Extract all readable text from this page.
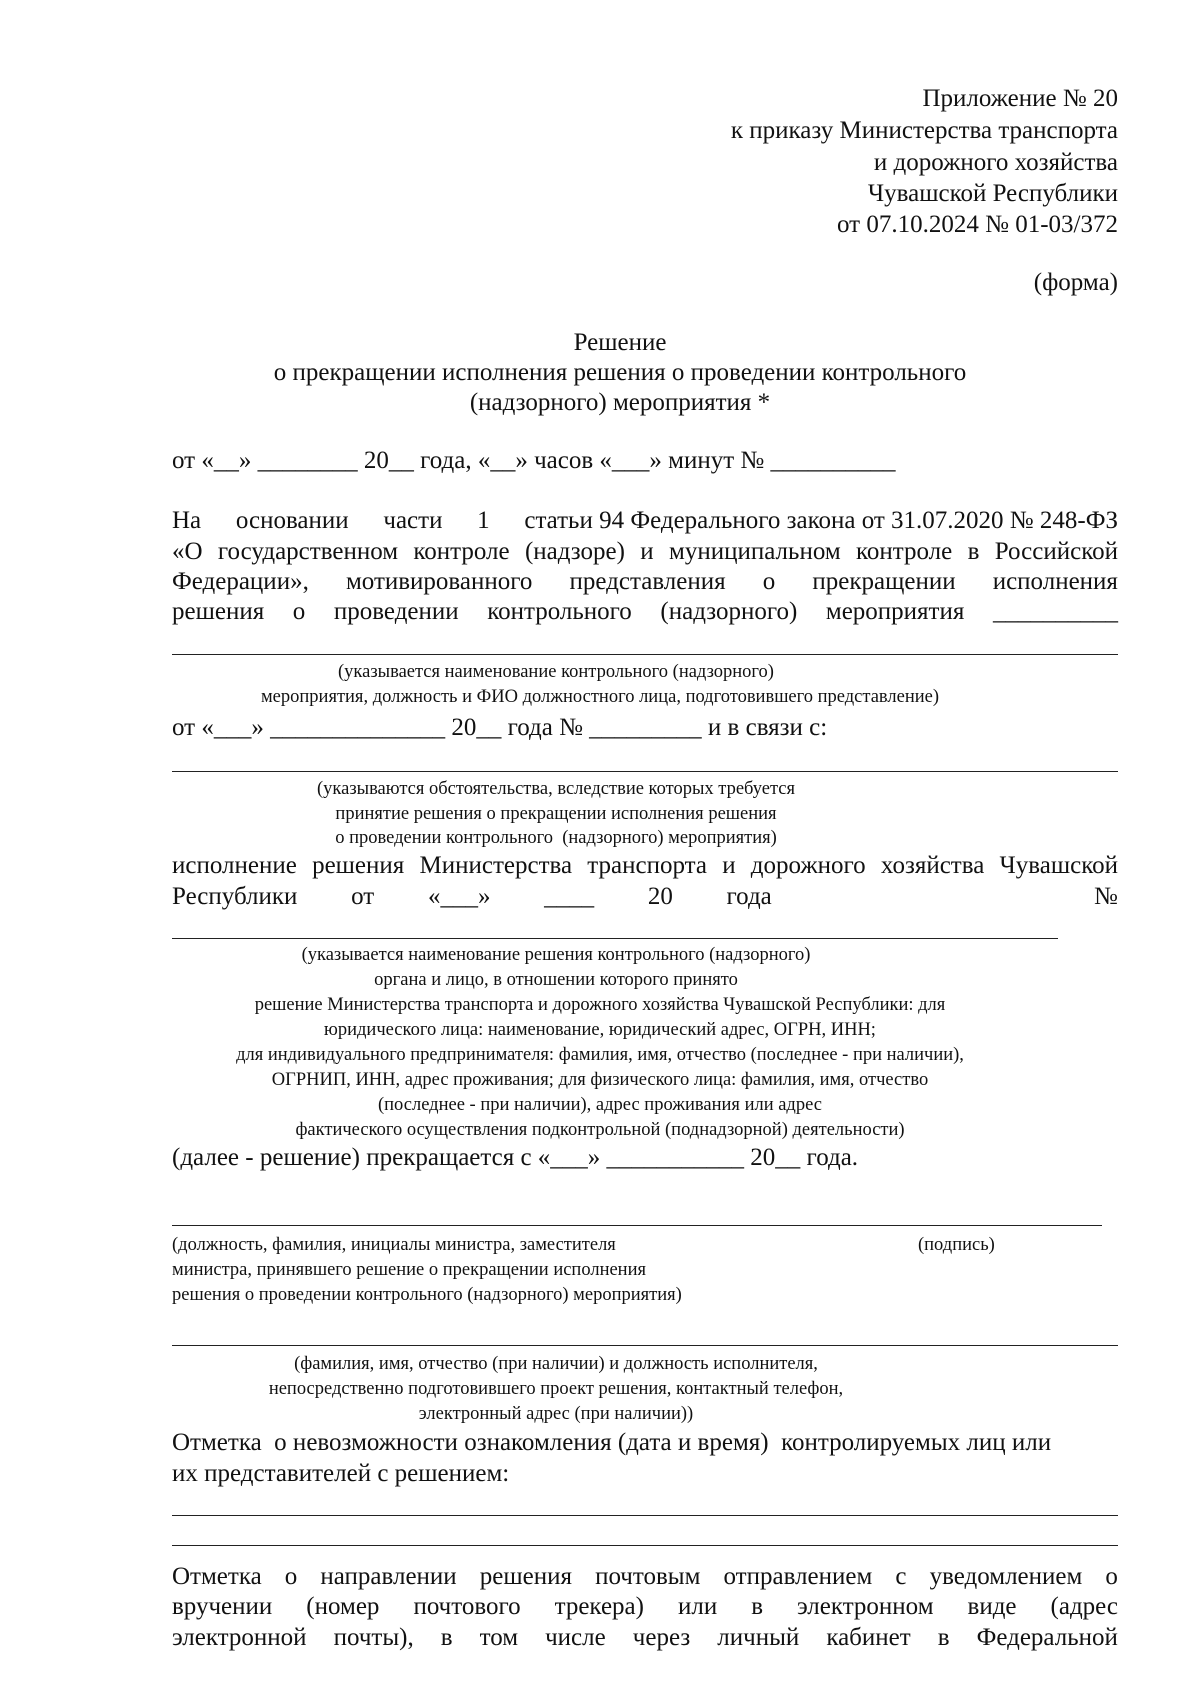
Приложение № 20
к приказу Министерства транспорта
и дорожного хозяйства
Чувашской Республики
от 07.10.2024 № 01-03/372
(форма)
Решение
о прекращении исполнения решения о проведении контрольного
(надзорного) мероприятия *
от «__» ________ 20__ года, «__» часов «___» минут № __________
На основании части 1 статьи 94 Федерального закона от 31.07.2020 № 248-ФЗ
«О государственном контроле (надзоре) и муниципальном контроле в Российской
Федерации», мотивированного представления о прекращении исполнения
решения о проведении контрольного (надзорного) мероприятия __________
(указывается наименование контрольного (надзорного)
мероприятия, должность и ФИО должностного лица, подготовившего представление)
от «___» ______________ 20__ года № _________ и в связи с:
(указываются обстоятельства, вследствие которых требуется
принятие решения о прекращении исполнения решения
о проведении контрольного  (надзорного) мероприятия)
исполнение решения Министерства транспорта и дорожного хозяйства Чувашской
Республики от «___» ____ 20 года	№
(указывается наименование решения контрольного (надзорного)
органа и лицо, в отношении которого принято
решение Министерства транспорта и дорожного хозяйства Чувашской Республики: для
юридического лица: наименование, юридический адрес, ОГРН, ИНН;
для индивидуального предпринимателя: фамилия, имя, отчество (последнее - при наличии),
ОГРНИП, ИНН, адрес проживания; для физического лица: фамилия, имя, отчество
(последнее - при наличии), адрес проживания или адрес
фактического осуществления подконтрольной (поднадзорной) деятельности)
(далее - решение) прекращается с «___» ___________ 20__ года.
(должность, фамилия, инициалы министра, заместителя	(подпись)
министра, принявшего решение о прекращении исполнения
решения о проведении контрольного (надзорного) мероприятия)
(фамилия, имя, отчество (при наличии) и должность исполнителя,
непосредственно подготовившего проект решения, контактный телефон,
электронный адрес (при наличии))
Отметка  о невозможности ознакомления (дата и время)  контролируемых лиц или
их представителей с решением:
Отметка о направлении решения почтовым отправлением с уведомлением о
вручении (номер почтового трекера) или в электронном виде (адрес
электронной почты), в том числе через личный кабинет в Федеральной
